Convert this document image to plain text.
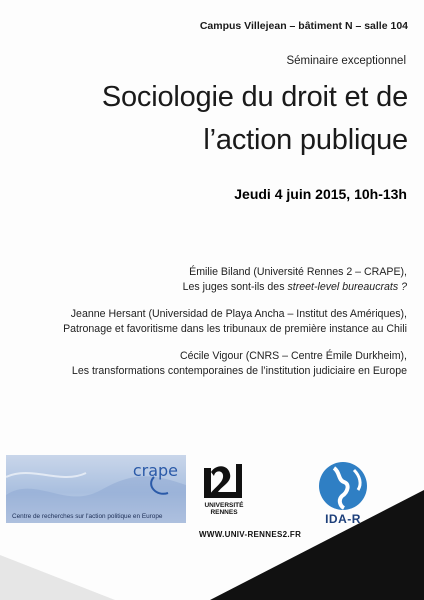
Campus Villejean – bâtiment N – salle 104
Séminaire exceptionnel
Sociologie du droit et de
l’action publique
Jeudi 4 juin 2015, 10h-13h
Émilie Biland (Université Rennes 2 – CRAPE),
Les juges sont-ils des street-level bureaucrats ?
Jeanne Hersant (Universidad de Playa Ancha – Institut des Amériques),
Patronage et favoritisme dans les tribunaux de première instance au Chili
Cécile Vigour (CNRS – Centre Émile Durkheim),
Les transformations contemporaines de l’institution judiciaire en Europe
crape
Centre de recherches sur l'action politique en Europe
UNIVERSITÉ
RENNES	IDA-R
WWW.UNIV-RENNES2.FR
